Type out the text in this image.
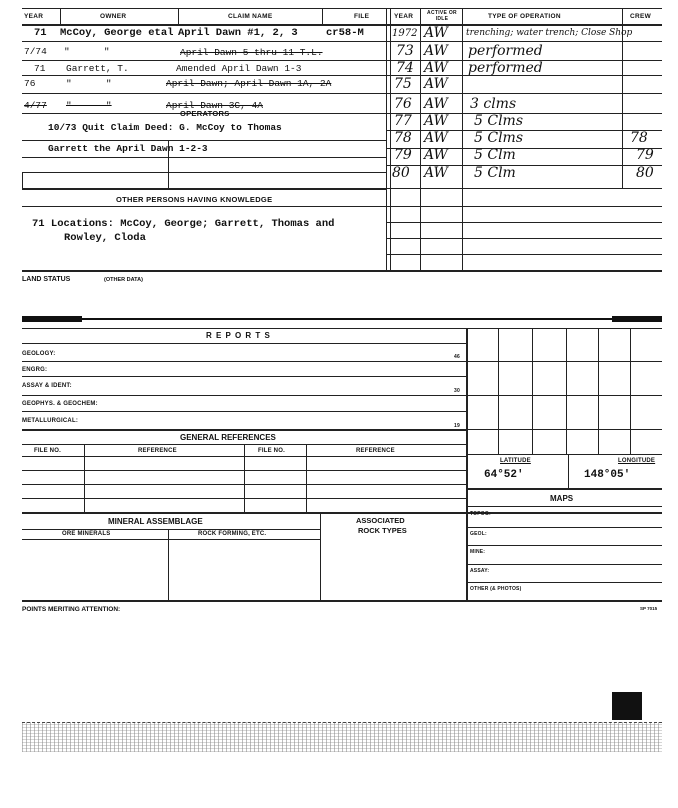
YEAR	OWNER	CLAIM NAME	FILE	YEAR	ACTIVE OR IDLE	TYPE OF OPERATION	CREW
71 McCoy, George etal April Dawn #1, 2, 3	cr58-M
7/74 "      "	April Dawn 5 thru 11 T.L.
71 Garrett, T.	Amended April Dawn 1-3
76	"      "	April Dawn; April Dawn 1A, 2A
4/77 "      "	April Dawn 3C, 4A
OPERATORS
10/73 Quit Claim Deed: G. McCoy to Thomas
Garrett the April Dawn 1-2-3
OTHER PERSONS HAVING KNOWLEDGE
71 Locations: McCoy, George; Garrett, Thomas and
Rowley, Cloda
1972 AW trenching; water trench; Close Shop
73 AW performed
74 AW performed
75 AW
76 AW 3 clms
77 AW 5 Clms
78 AW 5 Clms	78
79 AW 5 Clm	79
80 AW 5 Clm	80
LAND STATUS	(OTHER DATA)
R E P O R T S
GEOLOGY:	46
ENGRG:
ASSAY & IDENT:
30
GEOPHYS. & GEOCHEM:
METALLURGICAL:
19
GENERAL REFERENCES
FILE NO.	REFERENCE	FILE NO.	REFERENCE
LATITUDE
64°52'
LONGITUDE
148°05'
MAPS
TOPOG:
GEOL:
MINE:
ASSAY:
OTHER (& PHOTOS)
MINERAL ASSEMBLAGE	ASSOCIATED
ROCK TYPES
ORE MINERALS	ROCK FORMING, ETC.
POINTS MERITING ATTENTION:	SP 7015
